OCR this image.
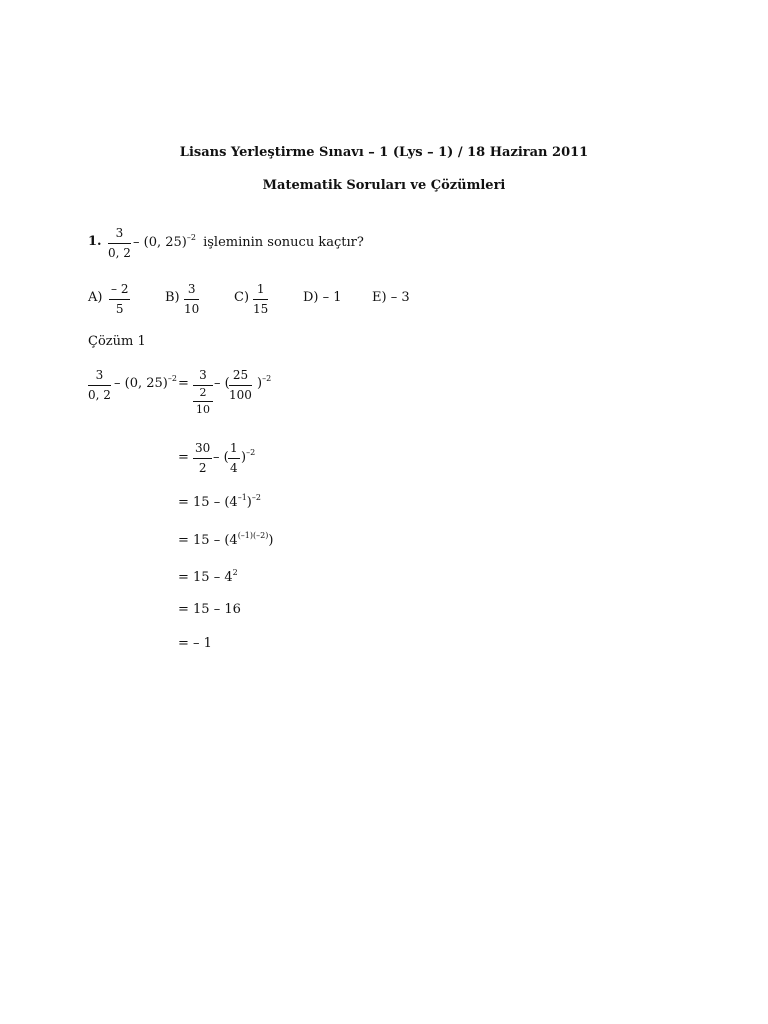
Lisans Yerleştirme Sınavı – 1 (Lys – 1) / 18 Haziran 2011
Matematik Soruları ve Çözümleri
1.
3
0, 2
– (0, 25)$^{-2}$ işleminin sonucu kaçtır?
A)
– 2
5
B)
3
10
C)
1
15
D) – 1 E) – 3
Çözüm 1
3
0, 2
– (0, 25)$^{-2}$ =
3
2
10
– (
25
100
)$^{-2}$
=
30
2
– (
1
4
)$^{-2}$
= $15 - (4^{-1})^{-2}$
= $15 - (4^{(-1)(-2)})$
= $15 - 4^2$
= 15 – 16
= – 1
